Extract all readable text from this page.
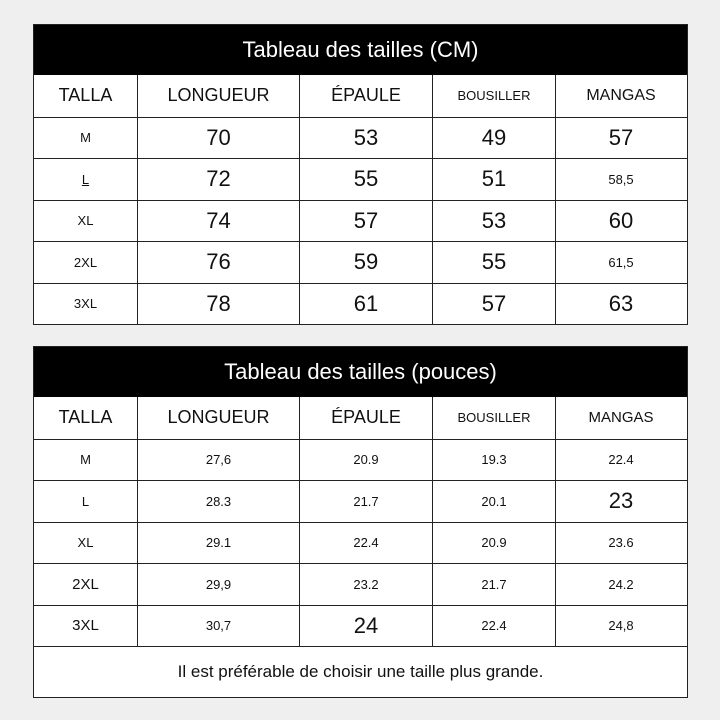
Tableau des tailles (CM)
TALLA	LONGUEUR	ÉPAULE	BOUSILLER	MANGAS
M	70	53	49	57
L	72	55	51	58,5
XL	74	57	53	60
2XL	76	59	55	61,5
3XL	78	61	57	63
Tableau des tailles (pouces)
TALLA	LONGUEUR	ÉPAULE	BOUSILLER	MANGAS
M	27,6	20.9	19.3	22.4
L	28.3	21.7	20.1	23
XL	29.1	22.4	20.9	23.6
2XL	29,9	23.2	21.7	24.2
3XL	30,7	24	22.4	24,8
Il est préférable de choisir une taille plus grande.
